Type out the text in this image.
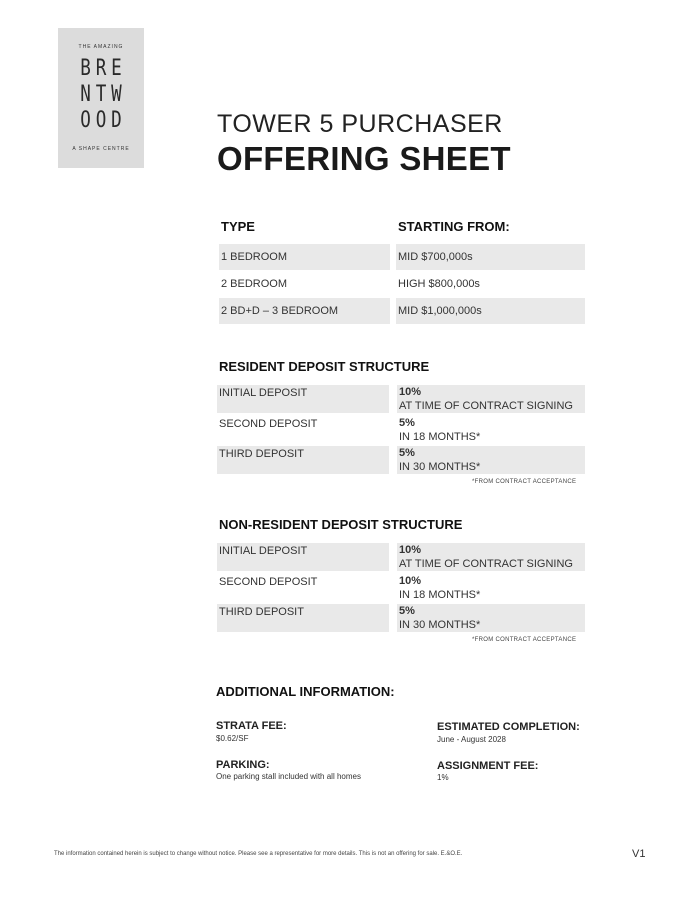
THE AMAZING
BRE
NTW
OOD
A SHAPE CENTRE
TOWER 5 PURCHASER
OFFERING SHEET
TYPE	STARTING FROM:
1 BEDROOM	MID $700,000s
2 BEDROOM	HIGH $800,000s
2 BD+D – 3 BEDROOM	MID $1,000,000s
RESIDENT DEPOSIT STRUCTURE
INITIAL DEPOSIT	10%
AT TIME OF CONTRACT SIGNING
SECOND DEPOSIT	5%
IN 18 MONTHS*
THIRD DEPOSIT	5%
IN 30 MONTHS*
*FROM CONTRACT ACCEPTANCE
NON-RESIDENT DEPOSIT STRUCTURE
INITIAL DEPOSIT	10%
AT TIME OF CONTRACT SIGNING
SECOND DEPOSIT	10%
IN 18 MONTHS*
THIRD DEPOSIT	5%
IN 30 MONTHS*
*FROM CONTRACT ACCEPTANCE
ADDITIONAL INFORMATION:
STRATA FEE:
$0.62/SF
ESTIMATED COMPLETION:
June - August 2028
PARKING:
One parking stall included with all homes
ASSIGNMENT FEE:
1%
The information contained herein is subject to change without notice. Please see a representative for more details. This is not an offering for sale. E.&O.E.	V1
